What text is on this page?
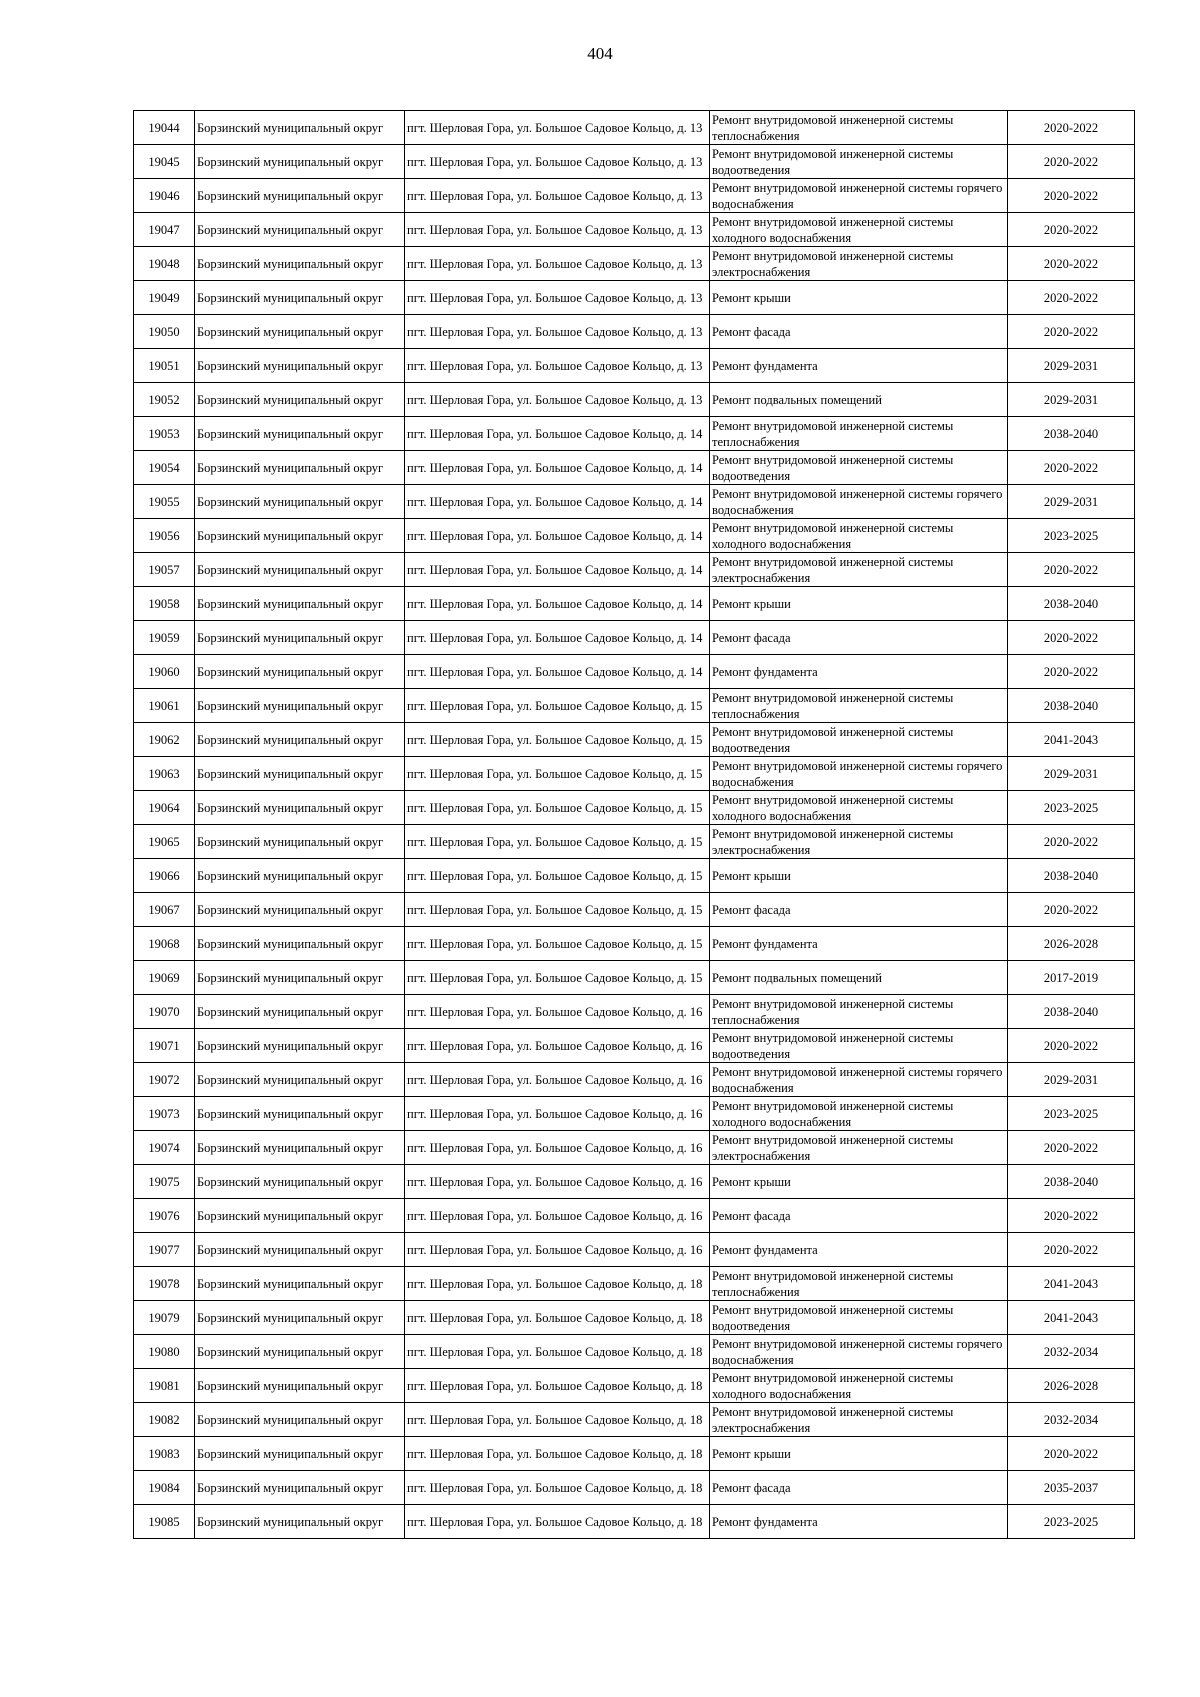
404
19044	Борзинский муниципальный округ	пгт. Шерловая Гора, ул. Большое Садовое Кольцо, д. 13	Ремонт внутридомовой инженерной системы теплоснабжения	2020-2022
19045	Борзинский муниципальный округ	пгт. Шерловая Гора, ул. Большое Садовое Кольцо, д. 13	Ремонт внутридомовой инженерной системы водоотведения	2020-2022
19046	Борзинский муниципальный округ	пгт. Шерловая Гора, ул. Большое Садовое Кольцо, д. 13	Ремонт внутридомовой инженерной системы горячего водоснабжения	2020-2022
19047	Борзинский муниципальный округ	пгт. Шерловая Гора, ул. Большое Садовое Кольцо, д. 13	Ремонт внутридомовой инженерной системы холодного водоснабжения	2020-2022
19048	Борзинский муниципальный округ	пгт. Шерловая Гора, ул. Большое Садовое Кольцо, д. 13	Ремонт внутридомовой инженерной системы электроснабжения	2020-2022
19049	Борзинский муниципальный округ	пгт. Шерловая Гора, ул. Большое Садовое Кольцо, д. 13	Ремонт крыши	2020-2022
19050	Борзинский муниципальный округ	пгт. Шерловая Гора, ул. Большое Садовое Кольцо, д. 13	Ремонт фасада	2020-2022
19051	Борзинский муниципальный округ	пгт. Шерловая Гора, ул. Большое Садовое Кольцо, д. 13	Ремонт фундамента	2029-2031
19052	Борзинский муниципальный округ	пгт. Шерловая Гора, ул. Большое Садовое Кольцо, д. 13	Ремонт подвальных помещений	2029-2031
19053	Борзинский муниципальный округ	пгт. Шерловая Гора, ул. Большое Садовое Кольцо, д. 14	Ремонт внутридомовой инженерной системы теплоснабжения	2038-2040
19054	Борзинский муниципальный округ	пгт. Шерловая Гора, ул. Большое Садовое Кольцо, д. 14	Ремонт внутридомовой инженерной системы водоотведения	2020-2022
19055	Борзинский муниципальный округ	пгт. Шерловая Гора, ул. Большое Садовое Кольцо, д. 14	Ремонт внутридомовой инженерной системы горячего водоснабжения	2029-2031
19056	Борзинский муниципальный округ	пгт. Шерловая Гора, ул. Большое Садовое Кольцо, д. 14	Ремонт внутридомовой инженерной системы холодного водоснабжения	2023-2025
19057	Борзинский муниципальный округ	пгт. Шерловая Гора, ул. Большое Садовое Кольцо, д. 14	Ремонт внутридомовой инженерной системы электроснабжения	2020-2022
19058	Борзинский муниципальный округ	пгт. Шерловая Гора, ул. Большое Садовое Кольцо, д. 14	Ремонт крыши	2038-2040
19059	Борзинский муниципальный округ	пгт. Шерловая Гора, ул. Большое Садовое Кольцо, д. 14	Ремонт фасада	2020-2022
19060	Борзинский муниципальный округ	пгт. Шерловая Гора, ул. Большое Садовое Кольцо, д. 14	Ремонт фундамента	2020-2022
19061	Борзинский муниципальный округ	пгт. Шерловая Гора, ул. Большое Садовое Кольцо, д. 15	Ремонт внутридомовой инженерной системы теплоснабжения	2038-2040
19062	Борзинский муниципальный округ	пгт. Шерловая Гора, ул. Большое Садовое Кольцо, д. 15	Ремонт внутридомовой инженерной системы водоотведения	2041-2043
19063	Борзинский муниципальный округ	пгт. Шерловая Гора, ул. Большое Садовое Кольцо, д. 15	Ремонт внутридомовой инженерной системы горячего водоснабжения	2029-2031
19064	Борзинский муниципальный округ	пгт. Шерловая Гора, ул. Большое Садовое Кольцо, д. 15	Ремонт внутридомовой инженерной системы холодного водоснабжения	2023-2025
19065	Борзинский муниципальный округ	пгт. Шерловая Гора, ул. Большое Садовое Кольцо, д. 15	Ремонт внутридомовой инженерной системы электроснабжения	2020-2022
19066	Борзинский муниципальный округ	пгт. Шерловая Гора, ул. Большое Садовое Кольцо, д. 15	Ремонт крыши	2038-2040
19067	Борзинский муниципальный округ	пгт. Шерловая Гора, ул. Большое Садовое Кольцо, д. 15	Ремонт фасада	2020-2022
19068	Борзинский муниципальный округ	пгт. Шерловая Гора, ул. Большое Садовое Кольцо, д. 15	Ремонт фундамента	2026-2028
19069	Борзинский муниципальный округ	пгт. Шерловая Гора, ул. Большое Садовое Кольцо, д. 15	Ремонт подвальных помещений	2017-2019
19070	Борзинский муниципальный округ	пгт. Шерловая Гора, ул. Большое Садовое Кольцо, д. 16	Ремонт внутридомовой инженерной системы теплоснабжения	2038-2040
19071	Борзинский муниципальный округ	пгт. Шерловая Гора, ул. Большое Садовое Кольцо, д. 16	Ремонт внутридомовой инженерной системы водоотведения	2020-2022
19072	Борзинский муниципальный округ	пгт. Шерловая Гора, ул. Большое Садовое Кольцо, д. 16	Ремонт внутридомовой инженерной системы горячего водоснабжения	2029-2031
19073	Борзинский муниципальный округ	пгт. Шерловая Гора, ул. Большое Садовое Кольцо, д. 16	Ремонт внутридомовой инженерной системы холодного водоснабжения	2023-2025
19074	Борзинский муниципальный округ	пгт. Шерловая Гора, ул. Большое Садовое Кольцо, д. 16	Ремонт внутридомовой инженерной системы электроснабжения	2020-2022
19075	Борзинский муниципальный округ	пгт. Шерловая Гора, ул. Большое Садовое Кольцо, д. 16	Ремонт крыши	2038-2040
19076	Борзинский муниципальный округ	пгт. Шерловая Гора, ул. Большое Садовое Кольцо, д. 16	Ремонт фасада	2020-2022
19077	Борзинский муниципальный округ	пгт. Шерловая Гора, ул. Большое Садовое Кольцо, д. 16	Ремонт фундамента	2020-2022
19078	Борзинский муниципальный округ	пгт. Шерловая Гора, ул. Большое Садовое Кольцо, д. 18	Ремонт внутридомовой инженерной системы теплоснабжения	2041-2043
19079	Борзинский муниципальный округ	пгт. Шерловая Гора, ул. Большое Садовое Кольцо, д. 18	Ремонт внутридомовой инженерной системы водоотведения	2041-2043
19080	Борзинский муниципальный округ	пгт. Шерловая Гора, ул. Большое Садовое Кольцо, д. 18	Ремонт внутридомовой инженерной системы горячего водоснабжения	2032-2034
19081	Борзинский муниципальный округ	пгт. Шерловая Гора, ул. Большое Садовое Кольцо, д. 18	Ремонт внутридомовой инженерной системы холодного водоснабжения	2026-2028
19082	Борзинский муниципальный округ	пгт. Шерловая Гора, ул. Большое Садовое Кольцо, д. 18	Ремонт внутридомовой инженерной системы электроснабжения	2032-2034
19083	Борзинский муниципальный округ	пгт. Шерловая Гора, ул. Большое Садовое Кольцо, д. 18	Ремонт крыши	2020-2022
19084	Борзинский муниципальный округ	пгт. Шерловая Гора, ул. Большое Садовое Кольцо, д. 18	Ремонт фасада	2035-2037
19085	Борзинский муниципальный округ	пгт. Шерловая Гора, ул. Большое Садовое Кольцо, д. 18	Ремонт фундамента	2023-2025
